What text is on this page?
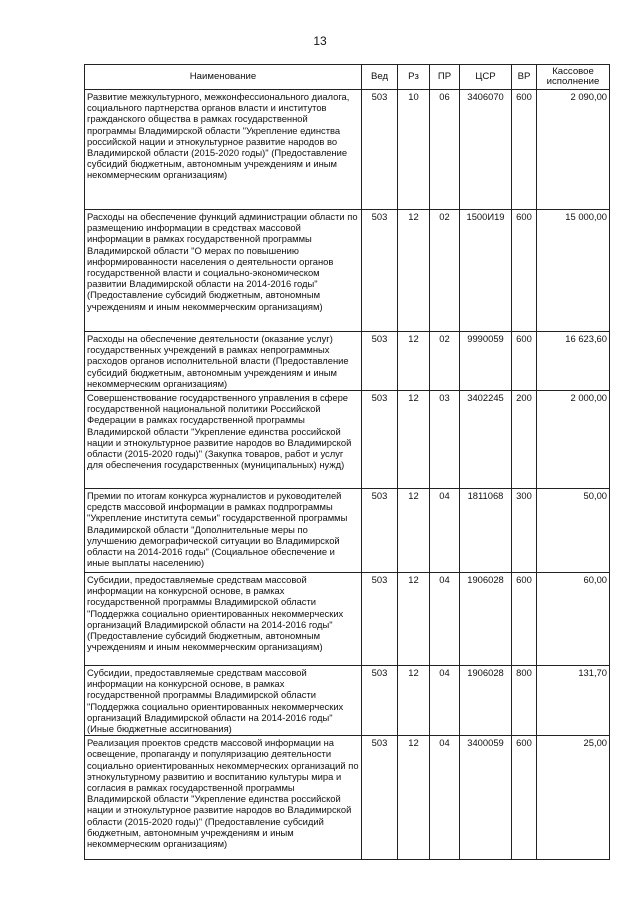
13
Наименование	Вед	Рз	ПР	ЦСР	ВР	Кассовое исполнение
Развитие межкультурного, межконфессионального диалога, социального партнерства органов власти и институтов гражданского общества в рамках государственной программы Владимирской области "Укрепление единства российской нации и этнокультурное развитие народов во Владимирской области (2015-2020 годы)" (Предоставление субсидий бюджетным, автономным учреждениям и иным некоммерческим организациям)	503	10	06	3406070	600	2 090,00
Расходы на обеспечение функций администрации области по размещению информации в средствах массовой информации в рамках государственной программы Владимирской области "О мерах по повышению информированности населения о деятельности органов государственной власти и социально-экономическом развитии Владимирской области на 2014-2016 годы" (Предоставление субсидий бюджетным, автономным учреждениям и иным некоммерческим организациям)	503	12	02	1500И19	600	15 000,00
Расходы на обеспечение деятельности (оказание услуг) государственных учреждений в рамках непрограммных расходов органов исполнительной власти (Предоставление субсидий бюджетным, автономным учреждениям и иным некоммерческим организациям)	503	12	02	9990059	600	16 623,60
Совершенствование государственного управления в сфере государственной национальной политики Российской Федерации в рамках государственной программы Владимирской области "Укрепление единства российской нации и этнокультурное развитие народов во Владимирской области (2015-2020 годы)" (Закупка товаров, работ и услуг для обеспечения государственных (муниципальных) нужд)	503	12	03	3402245	200	2 000,00
Премии по итогам конкурса журналистов и руководителей средств массовой информации в рамках подпрограммы "Укрепление института семьи" государственной программы Владимирской области "Дополнительные меры по улучшению демографической ситуации во Владимирской области на 2014-2016 годы" (Социальное обеспечение и иные выплаты населению)	503	12	04	1811068	300	50,00
Субсидии, предоставляемые средствам массовой информации на конкурсной основе, в рамках государственной программы Владимирской области "Поддержка социально ориентированных некоммерческих организаций Владимирской области на 2014-2016 годы" (Предоставление субсидий бюджетным, автономным учреждениям и иным некоммерческим организациям)	503	12	04	1906028	600	60,00
Субсидии, предоставляемые средствам массовой информации на конкурсной основе, в рамках государственной программы Владимирской области "Поддержка социально ориентированных некоммерческих организаций Владимирской области на 2014-2016 годы" (Иные бюджетные ассигнования)	503	12	04	1906028	800	131,70
Реализация проектов средств массовой информации на освещение, пропаганду и популяризацию деятельности социально ориентированных некоммерческих организаций по этнокультурному развитию и воспитанию культуры мира и согласия в рамках государственной программы Владимирской области "Укрепление единства российской нации и этнокультурное развитие народов во Владимирской области (2015-2020 годы)" (Предоставление субсидий бюджетным, автономным учреждениям и иным некоммерческим организациям)	503	12	04	3400059	600	25,00
